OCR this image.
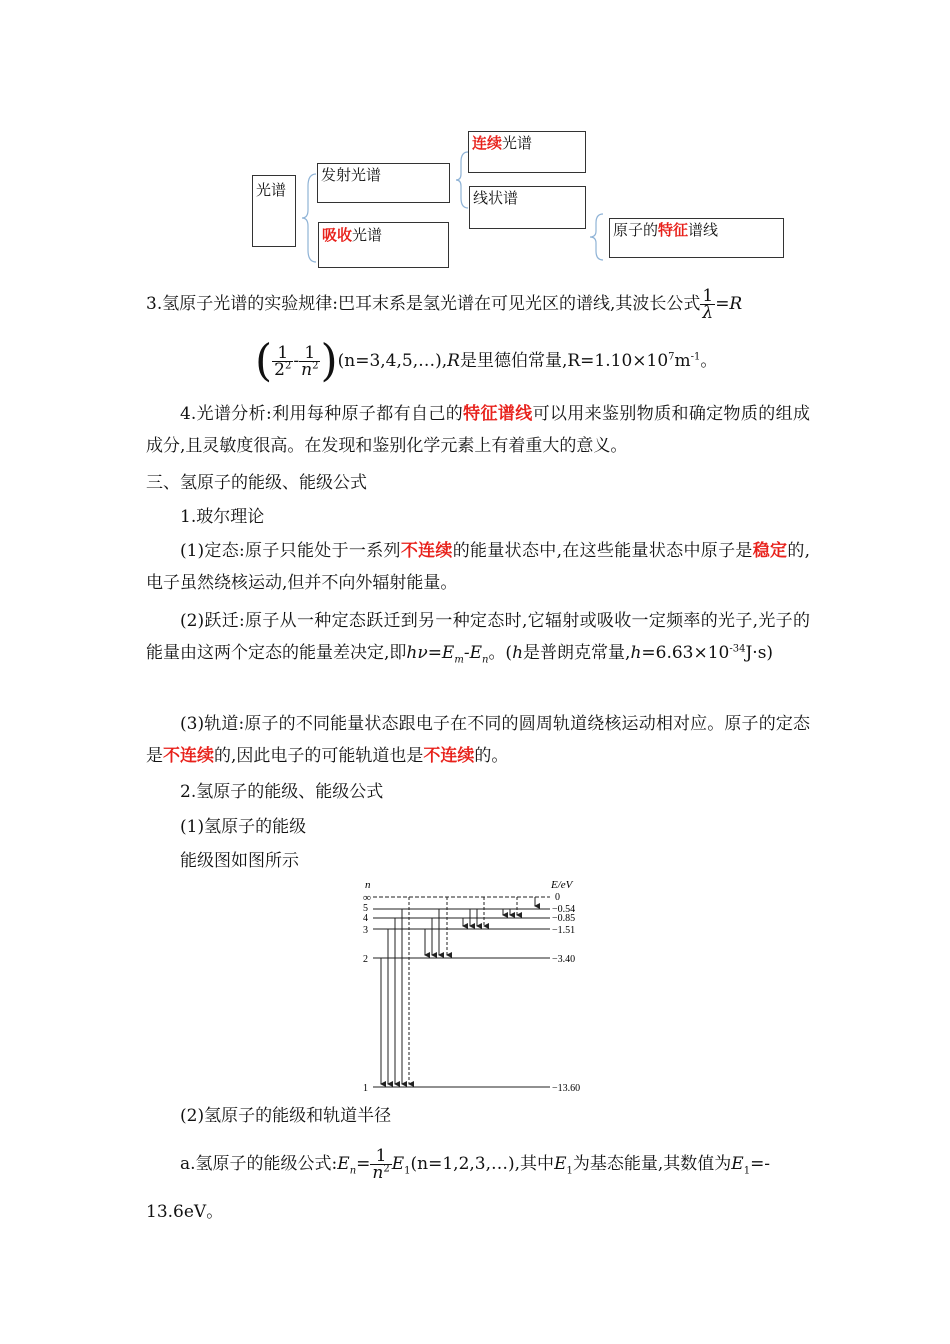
光谱
发射光谱
吸收光谱
连续光谱
线状谱
原子的特征谱线
3.氢原子光谱的实验规律:巴耳末系是氢光谱在可见光区的谱线,其波长公式 $\frac{1}{\lambda} =R$
( $\frac{1}{2^2} - \frac{1}{n^2}$ )(n=3,4,5,…),R是里德伯常量$,R=1.10\times 10^7m^{-1}$。
4.光谱分析:利用每种原子都有自己的特征谱线可以用来鉴别物质和确定物质的组成成分,且灵敏度很高。在发现和鉴别化学元素上有着重大的意义。
三、氢原子的能级、能级公式
1.玻尔理论
(1)定态:原子只能处于一系列不连续的能量状态中,在这些能量状态中原子是稳定的,电子虽然绕核运动,但并不向外辐射能量。
(2)跃迁:原子从一种定态跃迁到另一种定态时,它辐射或吸收一定频率的光子,光子的能量由这两个定态的能量差决定,即$h\nu=E_m-E_n$。(h是普朗克常量$,h=6.63\times 10^{-34}J\cdot s$)
(3)轨道:原子的不同能量状态跟电子在不同的圆周轨道绕核运动相对应。原子的定态是不连续的,因此电子的可能轨道也是不连续的。
2.氢原子的能级、能级公式
(1)氢原子的能级
能级图如图所示
n	E/eV
∞
5
4
3
2
1
0
−0.54
−0.85
−1.51
−3.40
−13.60
(2)氢原子的能级和轨道半径
a.氢原子的能级公式$:E_n= \frac{1}{n^2}$ $E_1(n=1,2,3,\dots)$,其中$E_1$为基态能量,其数值为$E_1=-$
13.6eV。
